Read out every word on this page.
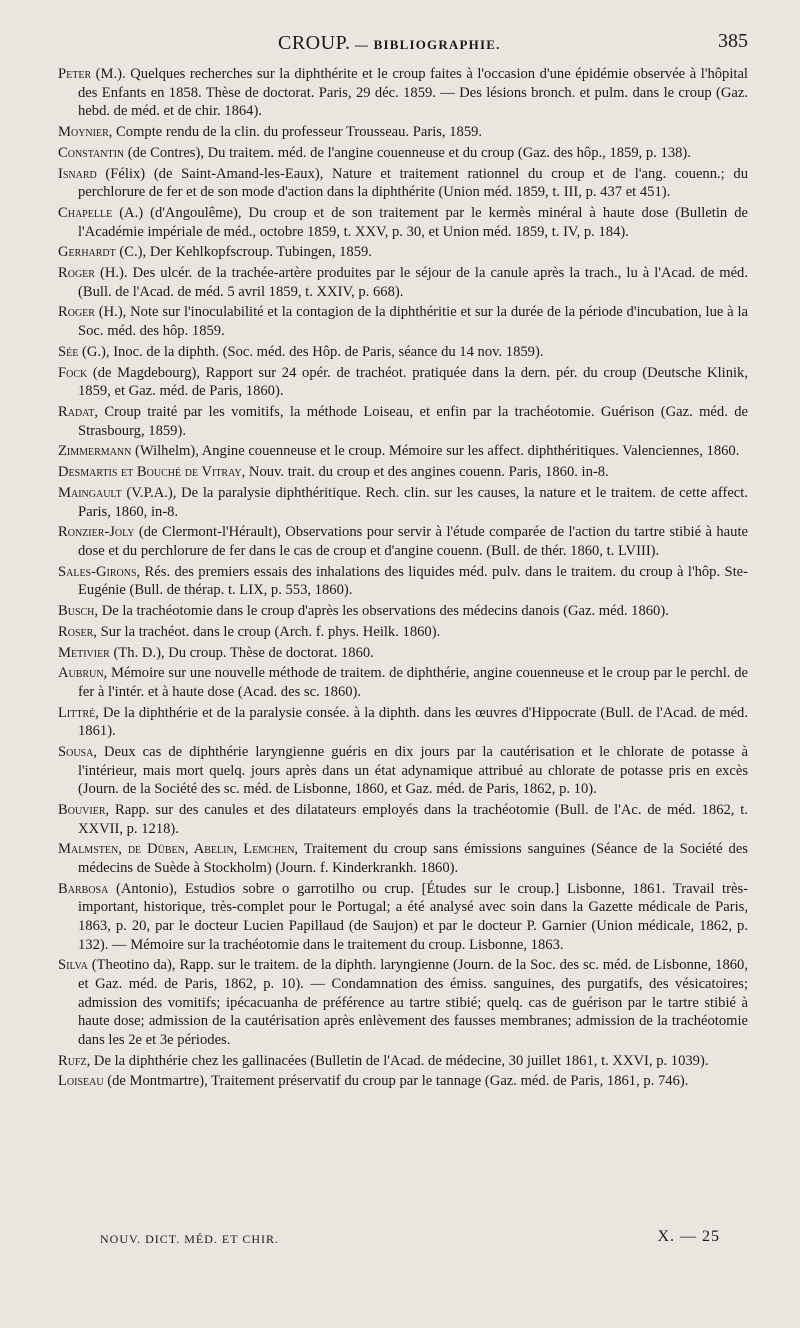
CROUP. — BIBLIOGRAPHIE.	385

Peter (M.). Quelques recherches sur la diphthérite et le croup faites à l'occasion d'une épidémie observée à l'hôpital des Enfants en 1858. Thèse de doctorat. Paris, 29 déc. 1859. — Des lésions bronch. et pulm. dans le croup (Gaz. hebd. de méd. et de chir. 1864).

Moynier, Compte rendu de la clin. du professeur Trousseau. Paris, 1859.

Constantin (de Contres), Du traitem. méd. de l'angine couenneuse et du croup (Gaz. des hôp., 1859, p. 138).

Isnard (Félix) (de Saint-Amand-les-Eaux), Nature et traitement rationnel du croup et de l'ang. couenn.; du perchlorure de fer et de son mode d'action dans la diphthérite (Union méd. 1859, t. III, p. 437 et 451).

Chapelle (A.) (d'Angoulême), Du croup et de son traitement par le kermès minéral à haute dose (Bulletin de l'Académie impériale de méd., octobre 1859, t. XXV, p. 30, et Union méd. 1859, t. IV, p. 184).

Gerhardt (C.), Der Kehlkopfscroup. Tubingen, 1859.

Roger (H.). Des ulcér. de la trachée-artère produites par le séjour de la canule après la trach., lu à l'Acad. de méd. (Bull. de l'Acad. de méd. 5 avril 1859, t. XXIV, p. 668).

Roger (H.), Note sur l'inoculabilité et la contagion de la diphthéritie et sur la durée de la période d'incubation, lue à la Soc. méd. des hôp. 1859.

Sée (G.), Inoc. de la diphth. (Soc. méd. des Hôp. de Paris, séance du 14 nov. 1859).

Fock (de Magdebourg), Rapport sur 24 opér. de trachéot. pratiquée dans la dern. pér. du croup (Deutsche Klinik, 1859, et Gaz. méd. de Paris, 1860).

Radat, Croup traité par les vomitifs, la méthode Loiseau, et enfin par la trachéotomie. Guérison (Gaz. méd. de Strasbourg, 1859).

Zimmermann (Wilhelm), Angine couenneuse et le croup. Mémoire sur les affect. diphthéritiques. Valenciennes, 1860.

Desmartis et Bouché de Vitray, Nouv. trait. du croup et des angines couenn. Paris, 1860. in-8.

Maingault (V.P.A.), De la paralysie diphthéritique. Rech. clin. sur les causes, la nature et le traitem. de cette affect. Paris, 1860, in-8.

Ronzier-Joly (de Clermont-l'Hérault), Observations pour servir à l'étude comparée de l'action du tartre stibié à haute dose et du perchlorure de fer dans le cas de croup et d'angine couenn. (Bull. de thér. 1860, t. LVIII).

Sales-Girons, Rés. des premiers essais des inhalations des liquides méd. pulv. dans le traitem. du croup à l'hôp. Ste-Eugénie (Bull. de thérap. t. LIX, p. 553, 1860).

Busch, De la trachéotomie dans le croup d'après les observations des médecins danois (Gaz. méd. 1860).

Roser, Sur la trachéot. dans le croup (Arch. f. phys. Heilk. 1860).

Metivier (Th. D.), Du croup. Thèse de doctorat. 1860.

Aubrun, Mémoire sur une nouvelle méthode de traitem. de diphthérie, angine couenneuse et le croup par le perchl. de fer à l'intér. et à haute dose (Acad. des sc. 1860).

Littré, De la diphthérie et de la paralysie consée. à la diphth. dans les œuvres d'Hippocrate (Bull. de l'Acad. de méd. 1861).

Sousa, Deux cas de diphthérie laryngienne guéris en dix jours par la cautérisation et le chlorate de potasse à l'intérieur, mais mort quelq. jours après dans un état adynamique attribué au chlorate de potasse pris en excès (Journ. de la Société des sc. méd. de Lisbonne, 1860, et Gaz. méd. de Paris, 1862, p. 10).

Bouvier, Rapp. sur des canules et des dilatateurs employés dans la trachéotomie (Bull. de l'Ac. de méd. 1862, t. XXVII, p. 1218).

Malmsten, de Düben, Abelin, Lemchen, Traitement du croup sans émissions sanguines (Séance de la Société des médecins de Suède à Stockholm) (Journ. f. Kinderkrankh. 1860).

Barbosa (Antonio), Estudios sobre o garrotilho ou crup. [Études sur le croup.] Lisbonne, 1861. Travail très-important, historique, très-complet pour le Portugal; a été analysé avec soin dans la Gazette médicale de Paris, 1863, p. 20, par le docteur Lucien Papillaud (de Saujon) et par le docteur P. Garnier (Union médicale, 1862, p. 132). — Mémoire sur la trachéotomie dans le traitement du croup. Lisbonne, 1863.

Silva (Theotino da), Rapp. sur le traitem. de la diphth. laryngienne (Journ. de la Soc. des sc. méd. de Lisbonne, 1860, et Gaz. méd. de Paris, 1862, p. 10). — Condamnation des émiss. sanguines, des purgatifs, des vésicatoires; admission des vomitifs; ipécacuanha de préférence au tartre stibié; quelq. cas de guérison par le tartre stibié à haute dose; admission de la cautérisation après enlèvement des fausses membranes; admission de la trachéotomie dans les 2e et 3e périodes.

Rufz, De la diphthérie chez les gallinacées (Bulletin de l'Acad. de médecine, 30 juillet 1861, t. XXVI, p. 1039).

Loiseau (de Montmartre), Traitement préservatif du croup par le tannage (Gaz. méd. de Paris, 1861, p. 746).

NOUV. DICT. MÉD. ET CHIR.	X. — 25
